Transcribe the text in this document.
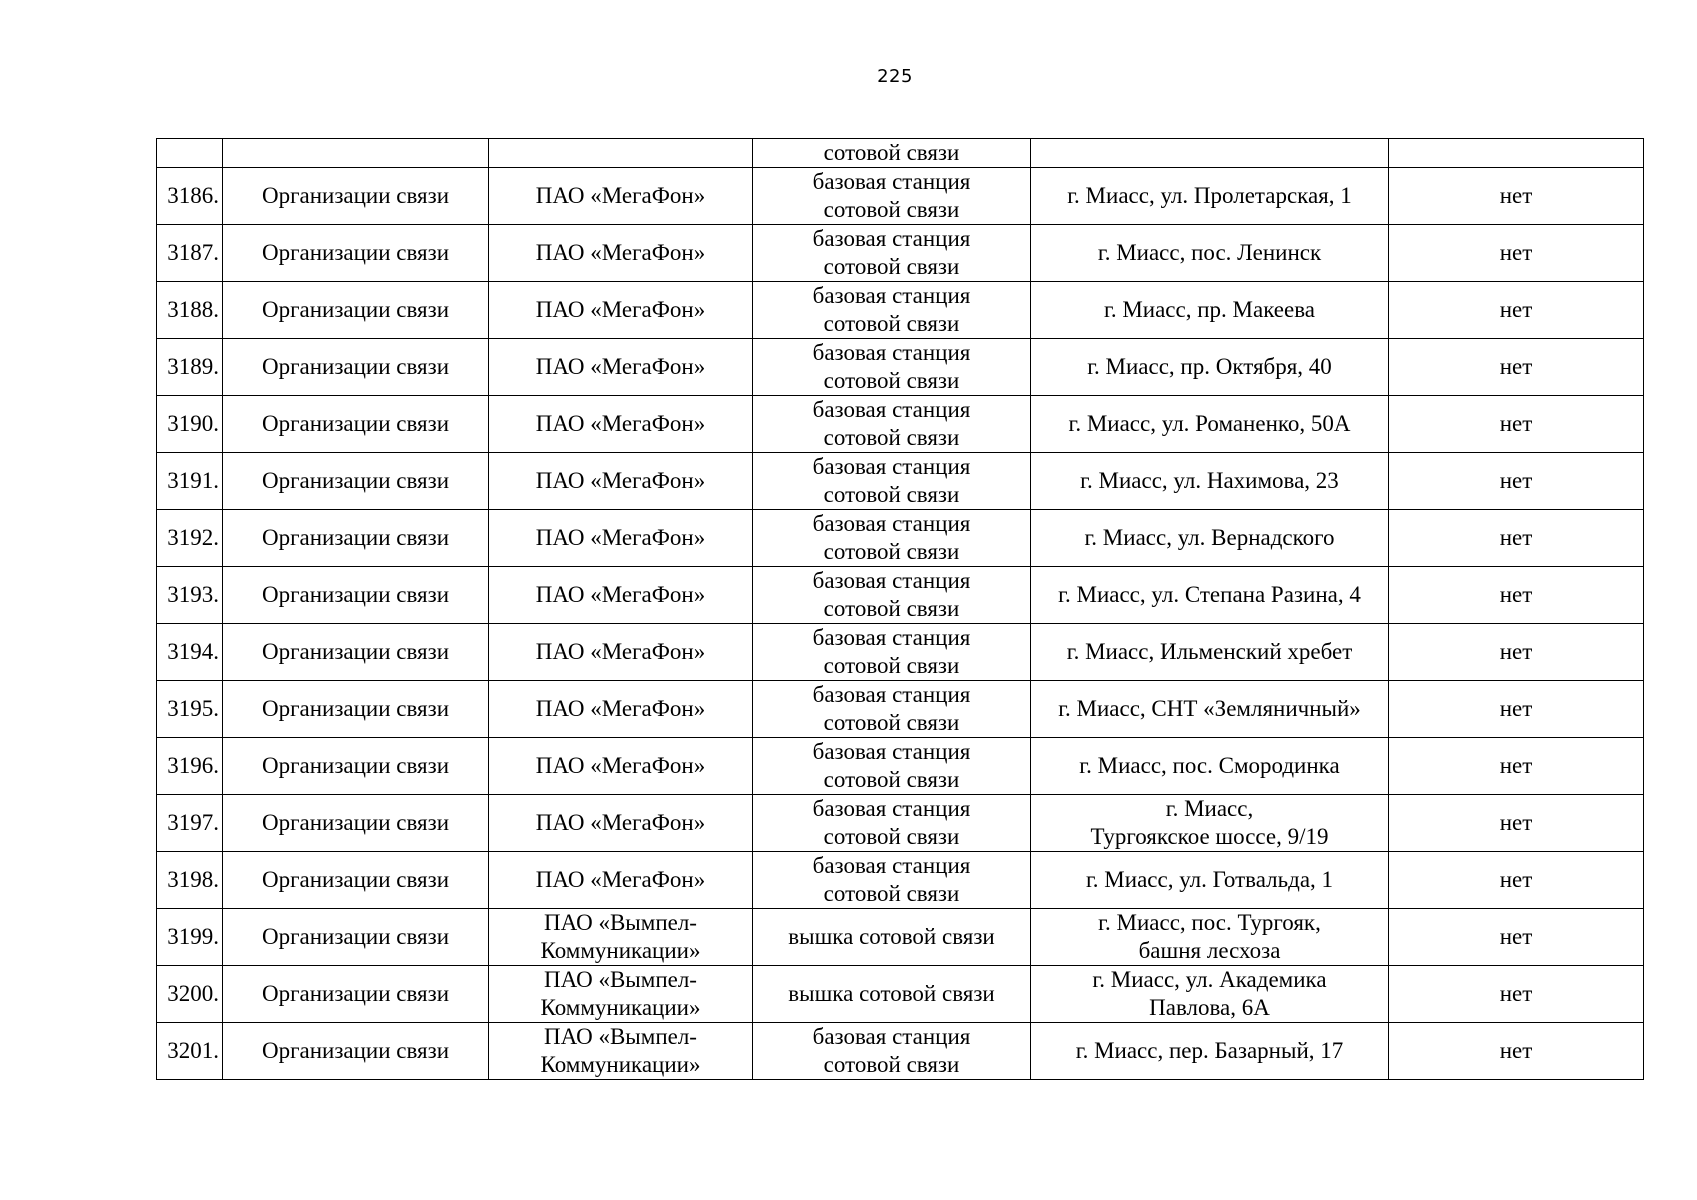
225
			сотовой связи		
3186.	Организации связи	ПАО «МегаФон»	базовая станция
сотовой связи	г. Миасс, ул. Пролетарская, 1	нет
3187.	Организации связи	ПАО «МегаФон»	базовая станция
сотовой связи	г. Миасс, пос. Ленинск	нет
3188.	Организации связи	ПАО «МегаФон»	базовая станция
сотовой связи	г. Миасс, пр. Макеева	нет
3189.	Организации связи	ПАО «МегаФон»	базовая станция
сотовой связи	г. Миасс, пр. Октября, 40	нет
3190.	Организации связи	ПАО «МегаФон»	базовая станция
сотовой связи	г. Миасс, ул. Романенко, 50А	нет
3191.	Организации связи	ПАО «МегаФон»	базовая станция
сотовой связи	г. Миасс, ул. Нахимова, 23	нет
3192.	Организации связи	ПАО «МегаФон»	базовая станция
сотовой связи	г. Миасс, ул. Вернадского	нет
3193.	Организации связи	ПАО «МегаФон»	базовая станция
сотовой связи	г. Миасс, ул. Степана Разина, 4	нет
3194.	Организации связи	ПАО «МегаФон»	базовая станция
сотовой связи	г. Миасс, Ильменский хребет	нет
3195.	Организации связи	ПАО «МегаФон»	базовая станция
сотовой связи	г. Миасс, СНТ «Земляничный»	нет
3196.	Организации связи	ПАО «МегаФон»	базовая станция
сотовой связи	г. Миасс, пос. Смородинка	нет
3197.	Организации связи	ПАО «МегаФон»	базовая станция
сотовой связи	г. Миасс,
Тургоякское шоссе, 9/19	нет
3198.	Организации связи	ПАО «МегаФон»	базовая станция
сотовой связи	г. Миасс, ул. Готвальда, 1	нет
3199.	Организации связи	ПАО «Вымпел-
Коммуникации»	вышка сотовой связи	г. Миасс, пос. Тургояк,
башня лесхоза	нет
3200.	Организации связи	ПАО «Вымпел-
Коммуникации»	вышка сотовой связи	г. Миасс, ул. Академика
Павлова, 6А	нет
3201.	Организации связи	ПАО «Вымпел-
Коммуникации»	базовая станция
сотовой связи	г. Миасс, пер. Базарный, 17	нет
